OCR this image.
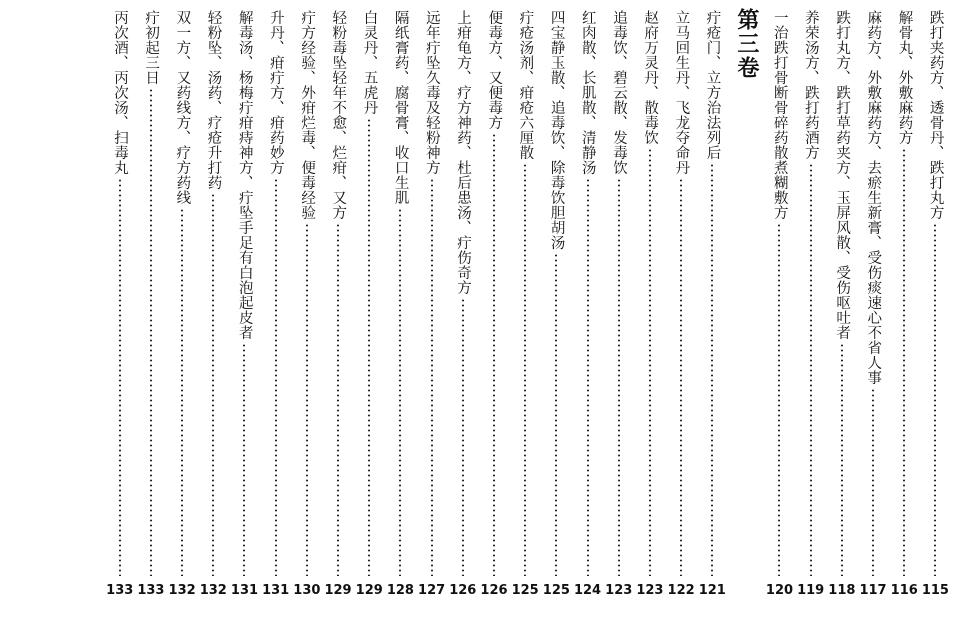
跌打夹药方、透骨丹、跌打丸方
115
解骨丸、外敷麻药方
116
麻药方、外敷麻药方、去瘀生新膏、受伤痰速心不省人事
117
跌打丸方、跌打草药夹方、玉屏风散、受伤呕吐者
118
养荣汤方、跌打药酒方
119
一治跌打骨断骨碎药散煮糊敷方
120
第三卷
疔疮门、立方治法列后
121
立马回生丹、飞龙夺命丹
122
赵府万灵丹、散毒饮
123
追毒饮、碧云散、发毒饮
123
红肉散、长肌散、清静汤
124
四宝静玉散、追毒饮、除毒饮胆胡汤
125
疔疮汤剂、疳疮六厘散
125
便毒方、又便毒方
126
上疳龟方、疗方神药、杜后患汤、疔伤奇方
126
远年疔坠久毒及轻粉神方
127
隔纸膏药、腐骨膏、收口生肌
128
白灵丹、五虎丹
129
轻粉毒坠轻年不愈、烂疳、又方
129
疔方经验、外疳烂毒、便毒经验
130
升丹、疳疔方、疳药妙方
131
解毒汤、杨梅疔疳痔神方、疔坠手足有白泡起皮者
131
轻粉坠、汤药、疗疮升打药
132
双一方、又药线方、疗方药线
132
疔初起三日
133
丙次酒、丙次汤、扫毒丸
133
